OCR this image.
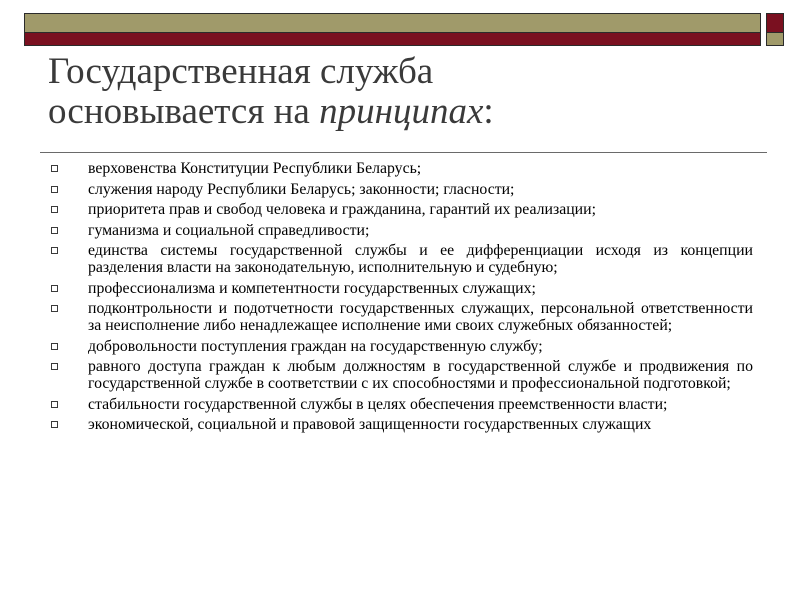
Государственная служба
основывается на принципах:
верховенства Конституции Республики Беларусь;
служения народу Республики Беларусь; законности; гласности;
приоритета прав и свобод человека и гражданина, гарантий их реализации;
гуманизма и социальной справедливости;
единства системы государственной службы и ее дифференциации исходя из концепции разделения власти на законодательную, исполнительную и судебную;
профессионализма и компетентности государственных служащих;
подконтрольности и подотчетности государственных служащих, персональной ответственности за неисполнение либо ненадлежащее исполнение ими своих служебных обязанностей;
добровольности поступления граждан на государственную службу;
равного доступа граждан к любым должностям в государственной службе и продвижения по государственной службе в соответствии с их способностями и профессиональной подготовкой;
стабильности государственной службы в целях обеспечения преемственности власти;
экономической, социальной и правовой защищенности государственных служащих
